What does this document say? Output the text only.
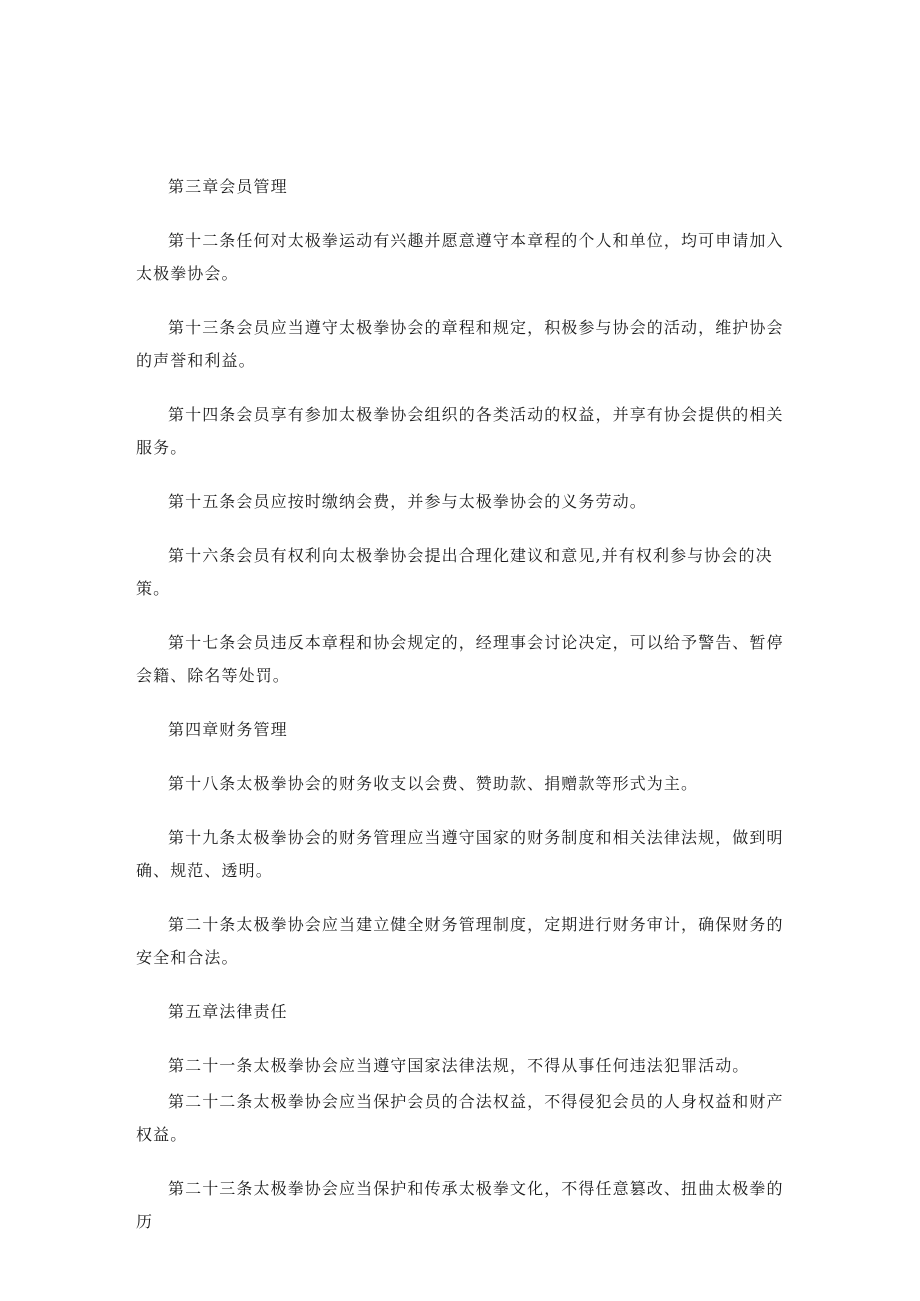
第三章会员管理

第十二条任何对太极拳运动有兴趣并愿意遵守本章程的个人和单位，均可申请加入太极拳协会。

第十三条会员应当遵守太极拳协会的章程和规定，积极参与协会的活动，维护协会的声誉和利益。

第十四条会员享有参加太极拳协会组织的各类活动的权益，并享有协会提供的相关服务。

第十五条会员应按时缴纳会费，并参与太极拳协会的义务劳动。

第十六条会员有权利向太极拳协会提出合理化建议和意见,并有权利参与协会的决策。

第十七条会员违反本章程和协会规定的，经理事会讨论决定，可以给予警告、暂停会籍、除名等处罚。

第四章财务管理

第十八条太极拳协会的财务收支以会费、赞助款、捐赠款等形式为主。

第十九条太极拳协会的财务管理应当遵守国家的财务制度和相关法律法规，做到明确、规范、透明。

第二十条太极拳协会应当建立健全财务管理制度，定期进行财务审计，确保财务的安全和合法。

第五章法律责任

第二十一条太极拳协会应当遵守国家法律法规，不得从事任何违法犯罪活动。

第二十二条太极拳协会应当保护会员的合法权益，不得侵犯会员的人身权益和财产权益。

第二十三条太极拳协会应当保护和传承太极拳文化，不得任意篡改、扭曲太极拳的历
